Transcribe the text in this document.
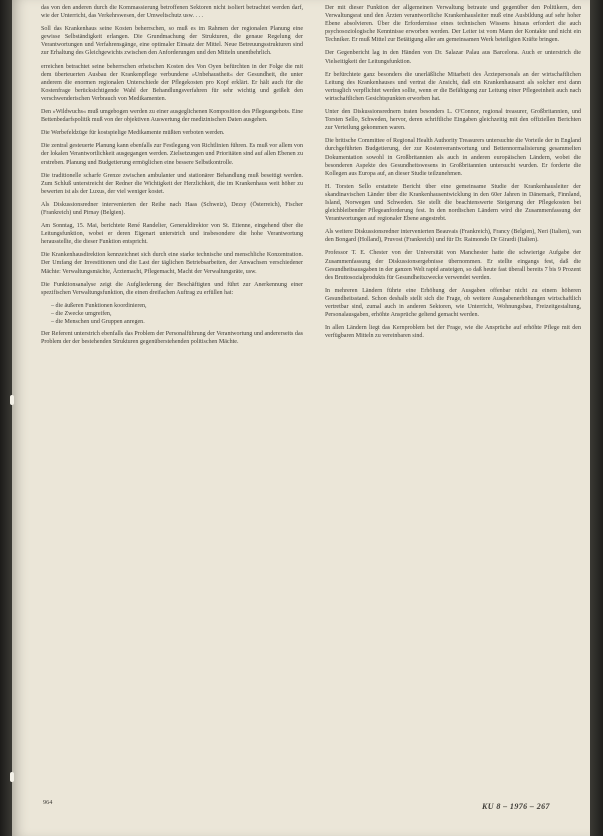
das von den anderen durch die Kommassierung betroffenen Sektoren nicht isoliert betrachtet werden darf, wie der Unterricht, das Verkehrswesen, der Umweltschutz usw. . . .

Soll das Krankenhaus seine Kosten beherrschen, so muß es im Rahmen der regionalen Planung eine gewisse Selbständigkeit erlangen. Die Grundmachung der Strukturen, die genaue Regelung der Verantwortungen und Verfahrensgänge, eine optimaler Einsatz der Mittel. Neue Betreuungsstrukturen sind zur Erhaltung des Gleichgewichts zwischen den Anforderungen und den Mitteln unentbehrlich.

erreichen betrachtet seine beherrschen erheischen Kosten des Von Oyen befürchten in der Folge die mit dem überteuerten Ausbau der Krankenpflege verbundene »Unbehaustheit« der Gesundheit, die unter anderem die enormen regionalen Unterschiede der Pflegekosten pro Kopf erklärt. Er hält auch für die Kostenfrage berücksichtigende Wahl der Behandlungsverfahren für sehr wichtig und geißelt den verschwenderischen Verbrauch von Medikamenten.

Den »Wildwuchs« muß umgebogen werden zu einer ausgeglichenen Komposition des Pflegeangebots. Eine Bettenbedarfspolitik muß von der objektiven Auswertung der medizinischen Daten ausgehen.

Die Werbefeldzüge für kostspielige Medikamente müßten verboten werden.

Die zentral gesteuerte Planung kann ebenfalls zur Festlegung von Richtlinien führen. Es muß vor allem von der lokalen Verantwortlichkeit ausgegangen werden. Zielsetzungen und Prioritäten sind auf allen Ebenen zu erstreben. Planung und Budgetierung ermöglichen eine bessere Selbstkontrolle.

Die traditionelle scharfe Grenze zwischen ambulanter und stationärer Behandlung muß beseitigt werden. Zum Schluß unterstreicht der Redner die Wichtigkeit der Herzlichkeit, die im Krankenhaus weit höher zu bewerten ist als der Luxus, der viel weniger kostet.

Als Diskussionsredner intervenierten der Reihe nach Haas (Schweiz), Dezsy (Österreich), Fischer (Frankreich) und Pirnay (Belgien).

Am Sonntag, 15. Mai, berichtete René Randelier, Generaldirektor von St. Etienne, eingehend über die Leitungsfunktion, wobei er deren Eigenart unterstrich und insbesondere die hohe Verantwortung herausstellte, die dieser Funktion entspricht.

Die Krankenhausdirektion kennzeichnet sich durch eine starke technische und menschliche Konzentration. Der Umfang der Investitionen und die Last der täglichen Betriebsarbeiten, der Anwachsen verschiedener Mächte: Verwaltungsmächte, Ärztemacht, Pflegemacht, Macht der Verwaltungsräte, usw.

Die Funktionsanalyse zeigt die Aufgliederung der Beschäftigten und führt zur Anerkennung einer spezifischen Verwaltungsfunktion, die einen dreifachen Auftrag zu erfüllen hat:

– die äußeren Funktionen koordinieren,
– die Zwecke umgreifen,
– die Menschen und Gruppen anregen.

Der Referent unterstrich ebenfalls das Problem der Personalführung der Verantwortung und andererseits das Problem der der bestehenden Strukturen gegenüberstehenden politischen Mächte.

Der mit dieser Funktion der allgemeinen Verwaltung betraute und gegenüber den Politikern, den Verwaltungsrat und den Ärzten verantwortliche Krankenhausleiter muß eine Ausbildung auf sehr hoher Ebene absolvieren. Über die Erfordernisse eines technischen Wissens hinaus erfordert die auch psychosoziologische Kenntnisse erworben werden. Der Leiter ist vom Mann der Kontakte und nicht ein Techniker. Er muß Mittel zur Betätigung aller am gemeinsamen Werk beteiligten Kräfte bringen.

Der Gegenbericht lag in den Händen von Dr. Salazar Palau aus Barcelona. Auch er unterstrich die Vielseitigkeit der Leitungsfunktion.

Er befürchtete ganz besonders die unerläßliche Mitarbeit des Ärztepersonals an der wirtschaftlichen Leitung des Krankenhauses und vertrat die Ansicht, daß ein Krankenhausarzt als solcher erst dann vertraglich verpflichtet werden sollte, wenn er die Befähigung zur Leitung einer Pflegeeinheit auch nach wirtschaftlichen Gesichtspunkten erworben hat.

Unter den Diskussionsrednern traten besonders L. O'Connor, regional treasurer, Großbritannien, und Torsten Sello, Schweden, hervor, deren schriftliche Eingaben gleichzeitig mit den offiziellen Berichten zur Verteilung gekommen waren.

Die britische Committee of Regional Health Authority Treasurers untersuchte die Vorteile der in England durchgeführten Budgetierung, der zur Kostenverantwortung und Bettennormalisierung gesammelten Dokumentation sowohl in Großbritannien als auch in anderen europäischen Ländern, wobei die besonderen Aspekte des Gesundheitswesens in Großbritannien untersucht wurden. Er forderte die Kollegen aus Europa auf, an dieser Studie teilzunehmen.

H. Torsten Sello erstattete Bericht über eine gemeinsame Studie der Krankenhausleiter der skandinavischen Länder über die Krankenhausentwicklung in den 60er Jahren in Dänemark, Finnland, Island, Norwegen und Schweden. Sie stellt die beachtenswerte Steigerung der Pflegekosten bei gleichbleibender Pflegeanforderung fest. In den nordischen Ländern wird die Zusammenfassung der Verantwortungen auf regionaler Ebene angestrebt.

Als weitere Diskussionsredner intervenierten Beauvais (Frankreich), Francy (Belgien), Neri (Italien), van den Bongard (Holland), Pruvost (Frankreich) und für Dr. Raimondo Dr Girardi (Italien).

Professor T. E. Chester von der Universität von Manchester hatte die schwierige Aufgabe der Zusammenfassung der Diskussionsergebnisse übernommen. Er stellte eingangs fest, daß die Gesundheitsausgaben in der ganzen Welt rapid ansteigen, so daß heute fast überall bereits 7 bis 9 Prozent des Bruttosozialprodukts für Gesundheitszwecke verwendet werden.

In mehreren Ländern führte eine Erhöhung der Ausgaben offenbar nicht zu einem höheren Gesundheitsstand. Schon deshalb stellt sich die Frage, ob weitere Ausgabenerhöhungen wirtschaftlich vertretbar sind, zumal auch in anderen Sektoren, wie Unterricht, Wohnungsbau, Freizeitgestaltung, Personalausgaben, erhöhte Ansprüche geltend gemacht werden.

In allen Ländern liegt das Kernproblem bei der Frage, wie die Ansprüche auf erhöhte Pflege mit den verfügbaren Mitteln zu vereinbaren sind.

964	KU 8 – 1976 – 267
